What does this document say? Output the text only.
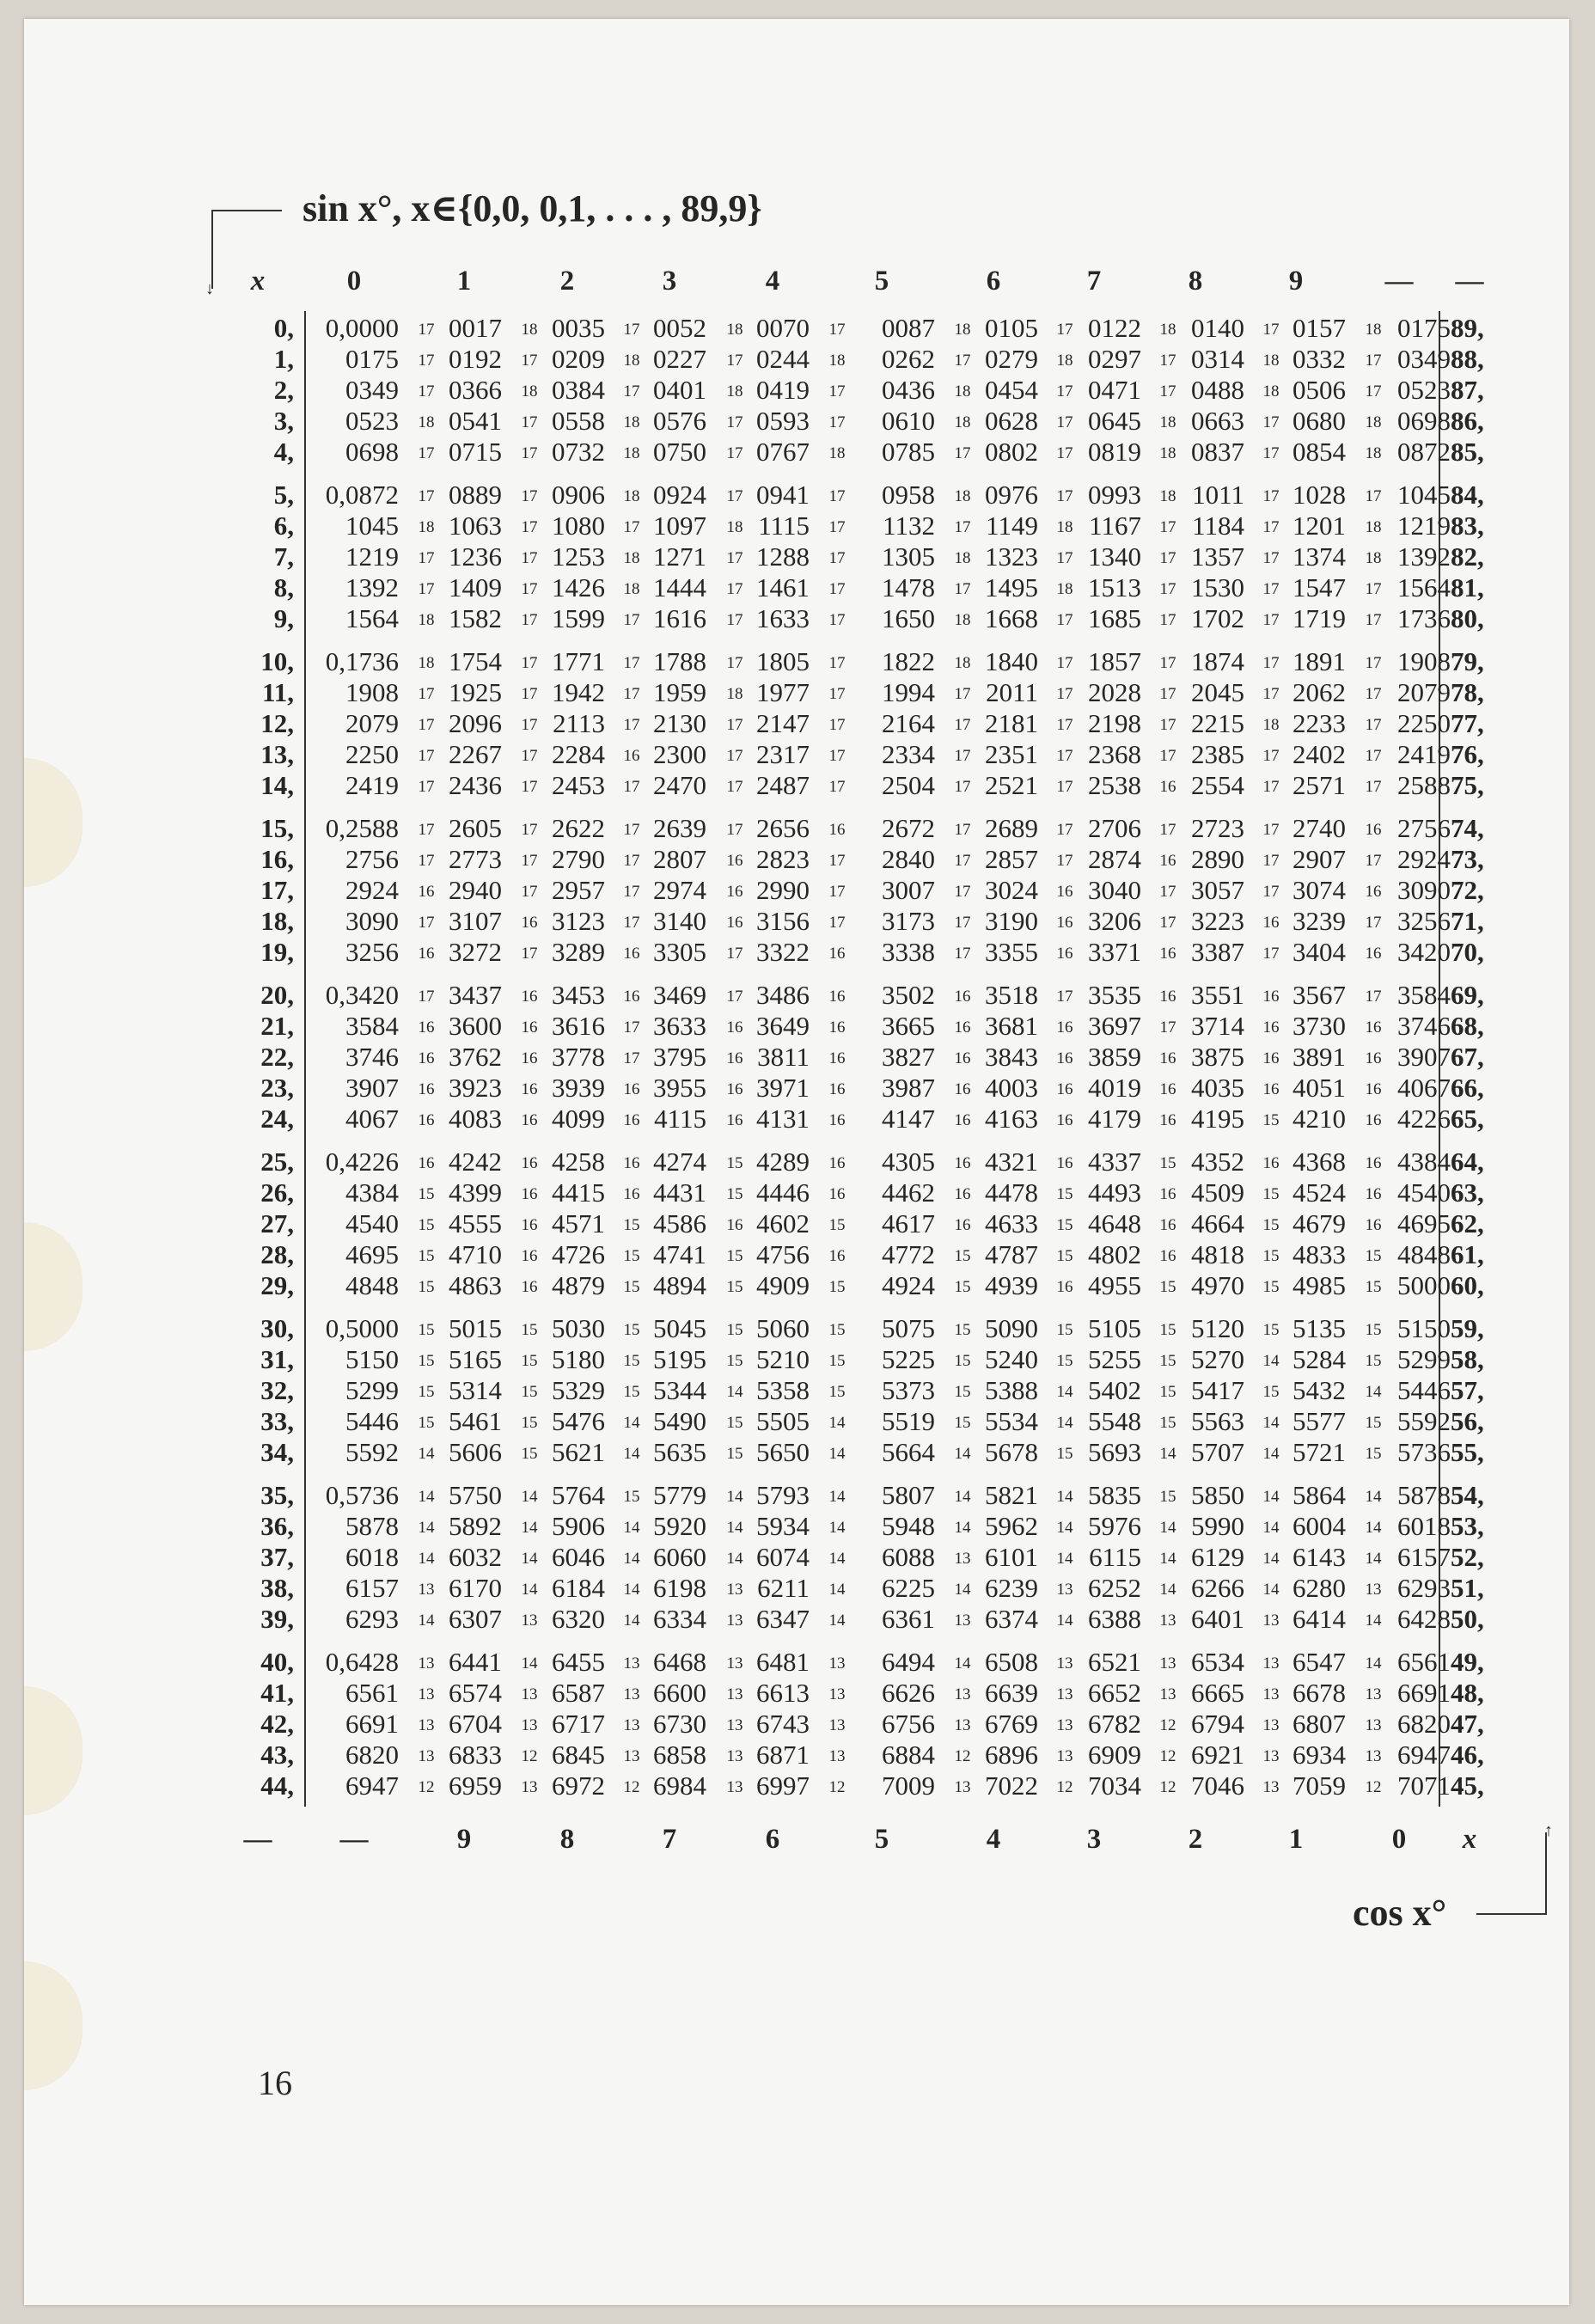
↓
sin x°, x∈{0,0, 0,1, . . . , 89,9}
x	0	1	2	3	4	5	6	7	8	9	—	—
0,	0,0000 17 0017 18 0035 17 0052 18 0070 17	0087 18 0105 17 0122 18 0140 17 0157 18 0175 89,
1,	0175 17 0192 17 0209 18 0227 17 0244 18	0262 17 0279 18 0297 17 0314 18 0332 17 0349 88,
2,	0349 17 0366 18 0384 17 0401 18 0419 17	0436 18 0454 17 0471 17 0488 18 0506 17 0523 87,
3,	0523 18 0541 17 0558 18 0576 17 0593 17	0610 18 0628 17 0645 18 0663 17 0680 18 0698 86,
4,	0698 17 0715 17 0732 18 0750 17 0767 18	0785 17 0802 17 0819 18 0837 17 0854 18 0872 85,
5,	0,0872 17 0889 17 0906 18 0924 17 0941 17	0958 18 0976 17 0993 18 1011 17 1028 17 1045 84,
6,	1045 18 1063 17 1080 17 1097 18 1115 17	1132 17 1149 18 1167 17 1184 17 1201 18 1219 83,
7,	1219 17 1236 17 1253 18 1271 17 1288 17	1305 18 1323 17 1340 17 1357 17 1374 18 1392 82,
8,	1392 17 1409 17 1426 18 1444 17 1461 17	1478 17 1495 18 1513 17 1530 17 1547 17 1564 81,
9,	1564 18 1582 17 1599 17 1616 17 1633 17	1650 18 1668 17 1685 17 1702 17 1719 17 1736 80,
10,	0,1736 18 1754 17 1771 17 1788 17 1805 17	1822 18 1840 17 1857 17 1874 17 1891 17 1908 79,
11,	1908 17 1925 17 1942 17 1959 18 1977 17	1994 17 2011 17 2028 17 2045 17 2062 17 2079 78,
12,	2079 17 2096 17 2113 17 2130 17 2147 17	2164 17 2181 17 2198 17 2215 18 2233 17 2250 77,
13,	2250 17 2267 17 2284 16 2300 17 2317 17	2334 17 2351 17 2368 17 2385 17 2402 17 2419 76,
14,	2419 17 2436 17 2453 17 2470 17 2487 17	2504 17 2521 17 2538 16 2554 17 2571 17 2588 75,
15,	0,2588 17 2605 17 2622 17 2639 17 2656 16	2672 17 2689 17 2706 17 2723 17 2740 16 2756 74,
16,	2756 17 2773 17 2790 17 2807 16 2823 17	2840 17 2857 17 2874 16 2890 17 2907 17 2924 73,
17,	2924 16 2940 17 2957 17 2974 16 2990 17	3007 17 3024 16 3040 17 3057 17 3074 16 3090 72,
18,	3090 17 3107 16 3123 17 3140 16 3156 17	3173 17 3190 16 3206 17 3223 16 3239 17 3256 71,
19,	3256 16 3272 17 3289 16 3305 17 3322 16	3338 17 3355 16 3371 16 3387 17 3404 16 3420 70,
20,	0,3420 17 3437 16 3453 16 3469 17 3486 16	3502 16 3518 17 3535 16 3551 16 3567 17 3584 69,
21,	3584 16 3600 16 3616 17 3633 16 3649 16	3665 16 3681 16 3697 17 3714 16 3730 16 3746 68,
22,	3746 16 3762 16 3778 17 3795 16 3811 16	3827 16 3843 16 3859 16 3875 16 3891 16 3907 67,
23,	3907 16 3923 16 3939 16 3955 16 3971 16	3987 16 4003 16 4019 16 4035 16 4051 16 4067 66,
24,	4067 16 4083 16 4099 16 4115 16 4131 16	4147 16 4163 16 4179 16 4195 15 4210 16 4226 65,
25,	0,4226 16 4242 16 4258 16 4274 15 4289 16	4305 16 4321 16 4337 15 4352 16 4368 16 4384 64,
26,	4384 15 4399 16 4415 16 4431 15 4446 16	4462 16 4478 15 4493 16 4509 15 4524 16 4540 63,
27,	4540 15 4555 16 4571 15 4586 16 4602 15	4617 16 4633 15 4648 16 4664 15 4679 16 4695 62,
28,	4695 15 4710 16 4726 15 4741 15 4756 16	4772 15 4787 15 4802 16 4818 15 4833 15 4848 61,
29,	4848 15 4863 16 4879 15 4894 15 4909 15	4924 15 4939 16 4955 15 4970 15 4985 15 5000 60,
30,	0,5000 15 5015 15 5030 15 5045 15 5060 15	5075 15 5090 15 5105 15 5120 15 5135 15 5150 59,
31,	5150 15 5165 15 5180 15 5195 15 5210 15	5225 15 5240 15 5255 15 5270 14 5284 15 5299 58,
32,	5299 15 5314 15 5329 15 5344 14 5358 15	5373 15 5388 14 5402 15 5417 15 5432 14 5446 57,
33,	5446 15 5461 15 5476 14 5490 15 5505 14	5519 15 5534 14 5548 15 5563 14 5577 15 5592 56,
34,	5592 14 5606 15 5621 14 5635 15 5650 14	5664 14 5678 15 5693 14 5707 14 5721 15 5736 55,
35,	0,5736 14 5750 14 5764 15 5779 14 5793 14	5807 14 5821 14 5835 15 5850 14 5864 14 5878 54,
36,	5878 14 5892 14 5906 14 5920 14 5934 14	5948 14 5962 14 5976 14 5990 14 6004 14 6018 53,
37,	6018 14 6032 14 6046 14 6060 14 6074 14	6088 13 6101 14 6115 14 6129 14 6143 14 6157 52,
38,	6157 13 6170 14 6184 14 6198 13 6211 14	6225 14 6239 13 6252 14 6266 14 6280 13 6293 51,
39,	6293 14 6307 13 6320 14 6334 13 6347 14	6361 13 6374 14 6388 13 6401 13 6414 14 6428 50,
40,	0,6428 13 6441 14 6455 13 6468 13 6481 13	6494 14 6508 13 6521 13 6534 13 6547 14 6561 49,
41,	6561 13 6574 13 6587 13 6600 13 6613 13	6626 13 6639 13 6652 13 6665 13 6678 13 6691 48,
42,	6691 13 6704 13 6717 13 6730 13 6743 13	6756 13 6769 13 6782 12 6794 13 6807 13 6820 47,
43,	6820 13 6833 12 6845 13 6858 13 6871 13	6884 12 6896 13 6909 12 6921 13 6934 13 6947 46,
44,	6947 12 6959 13 6972 12 6984 13 6997 12	7009 13 7022 12 7034 12 7046 13 7059 12 7071 45,
—	—	9	8	7	6	5	4	3	2	1	0	x	↑
cos x°
16
